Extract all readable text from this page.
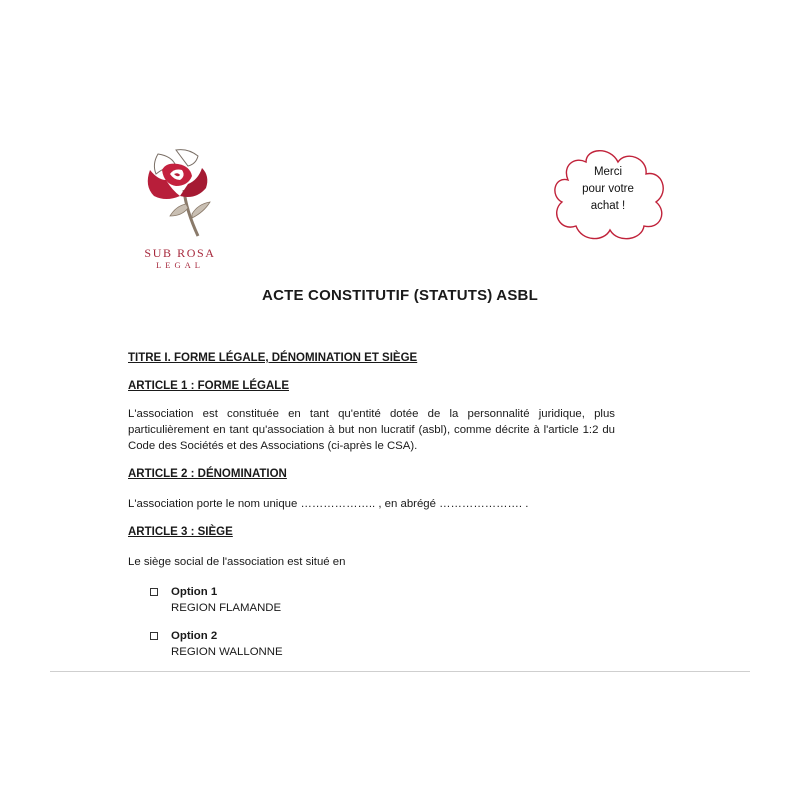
SUB ROSA
LEGAL
Merci
pour votre
achat !
ACTE CONSTITUTIF (STATUTS) ASBL

TITRE I. FORME LÉGALE, DÉNOMINATION ET SIÈGE

ARTICLE 1 : FORME LÉGALE

L'association est constituée en tant qu'entité dotée de la personnalité juridique, plus particulièrement en tant qu'association à but non lucratif (asbl), comme décrite à l'article 1:2 du Code des Sociétés et des Associations (ci-après le CSA).

ARTICLE 2 : DÉNOMINATION

L'association porte le nom unique ……………….. , en abrégé …………………. .

ARTICLE 3 : SIÈGE

Le siège social de l'association est situé en

Option 1
REGION FLAMANDE
Option 2
REGION WALLONNE
